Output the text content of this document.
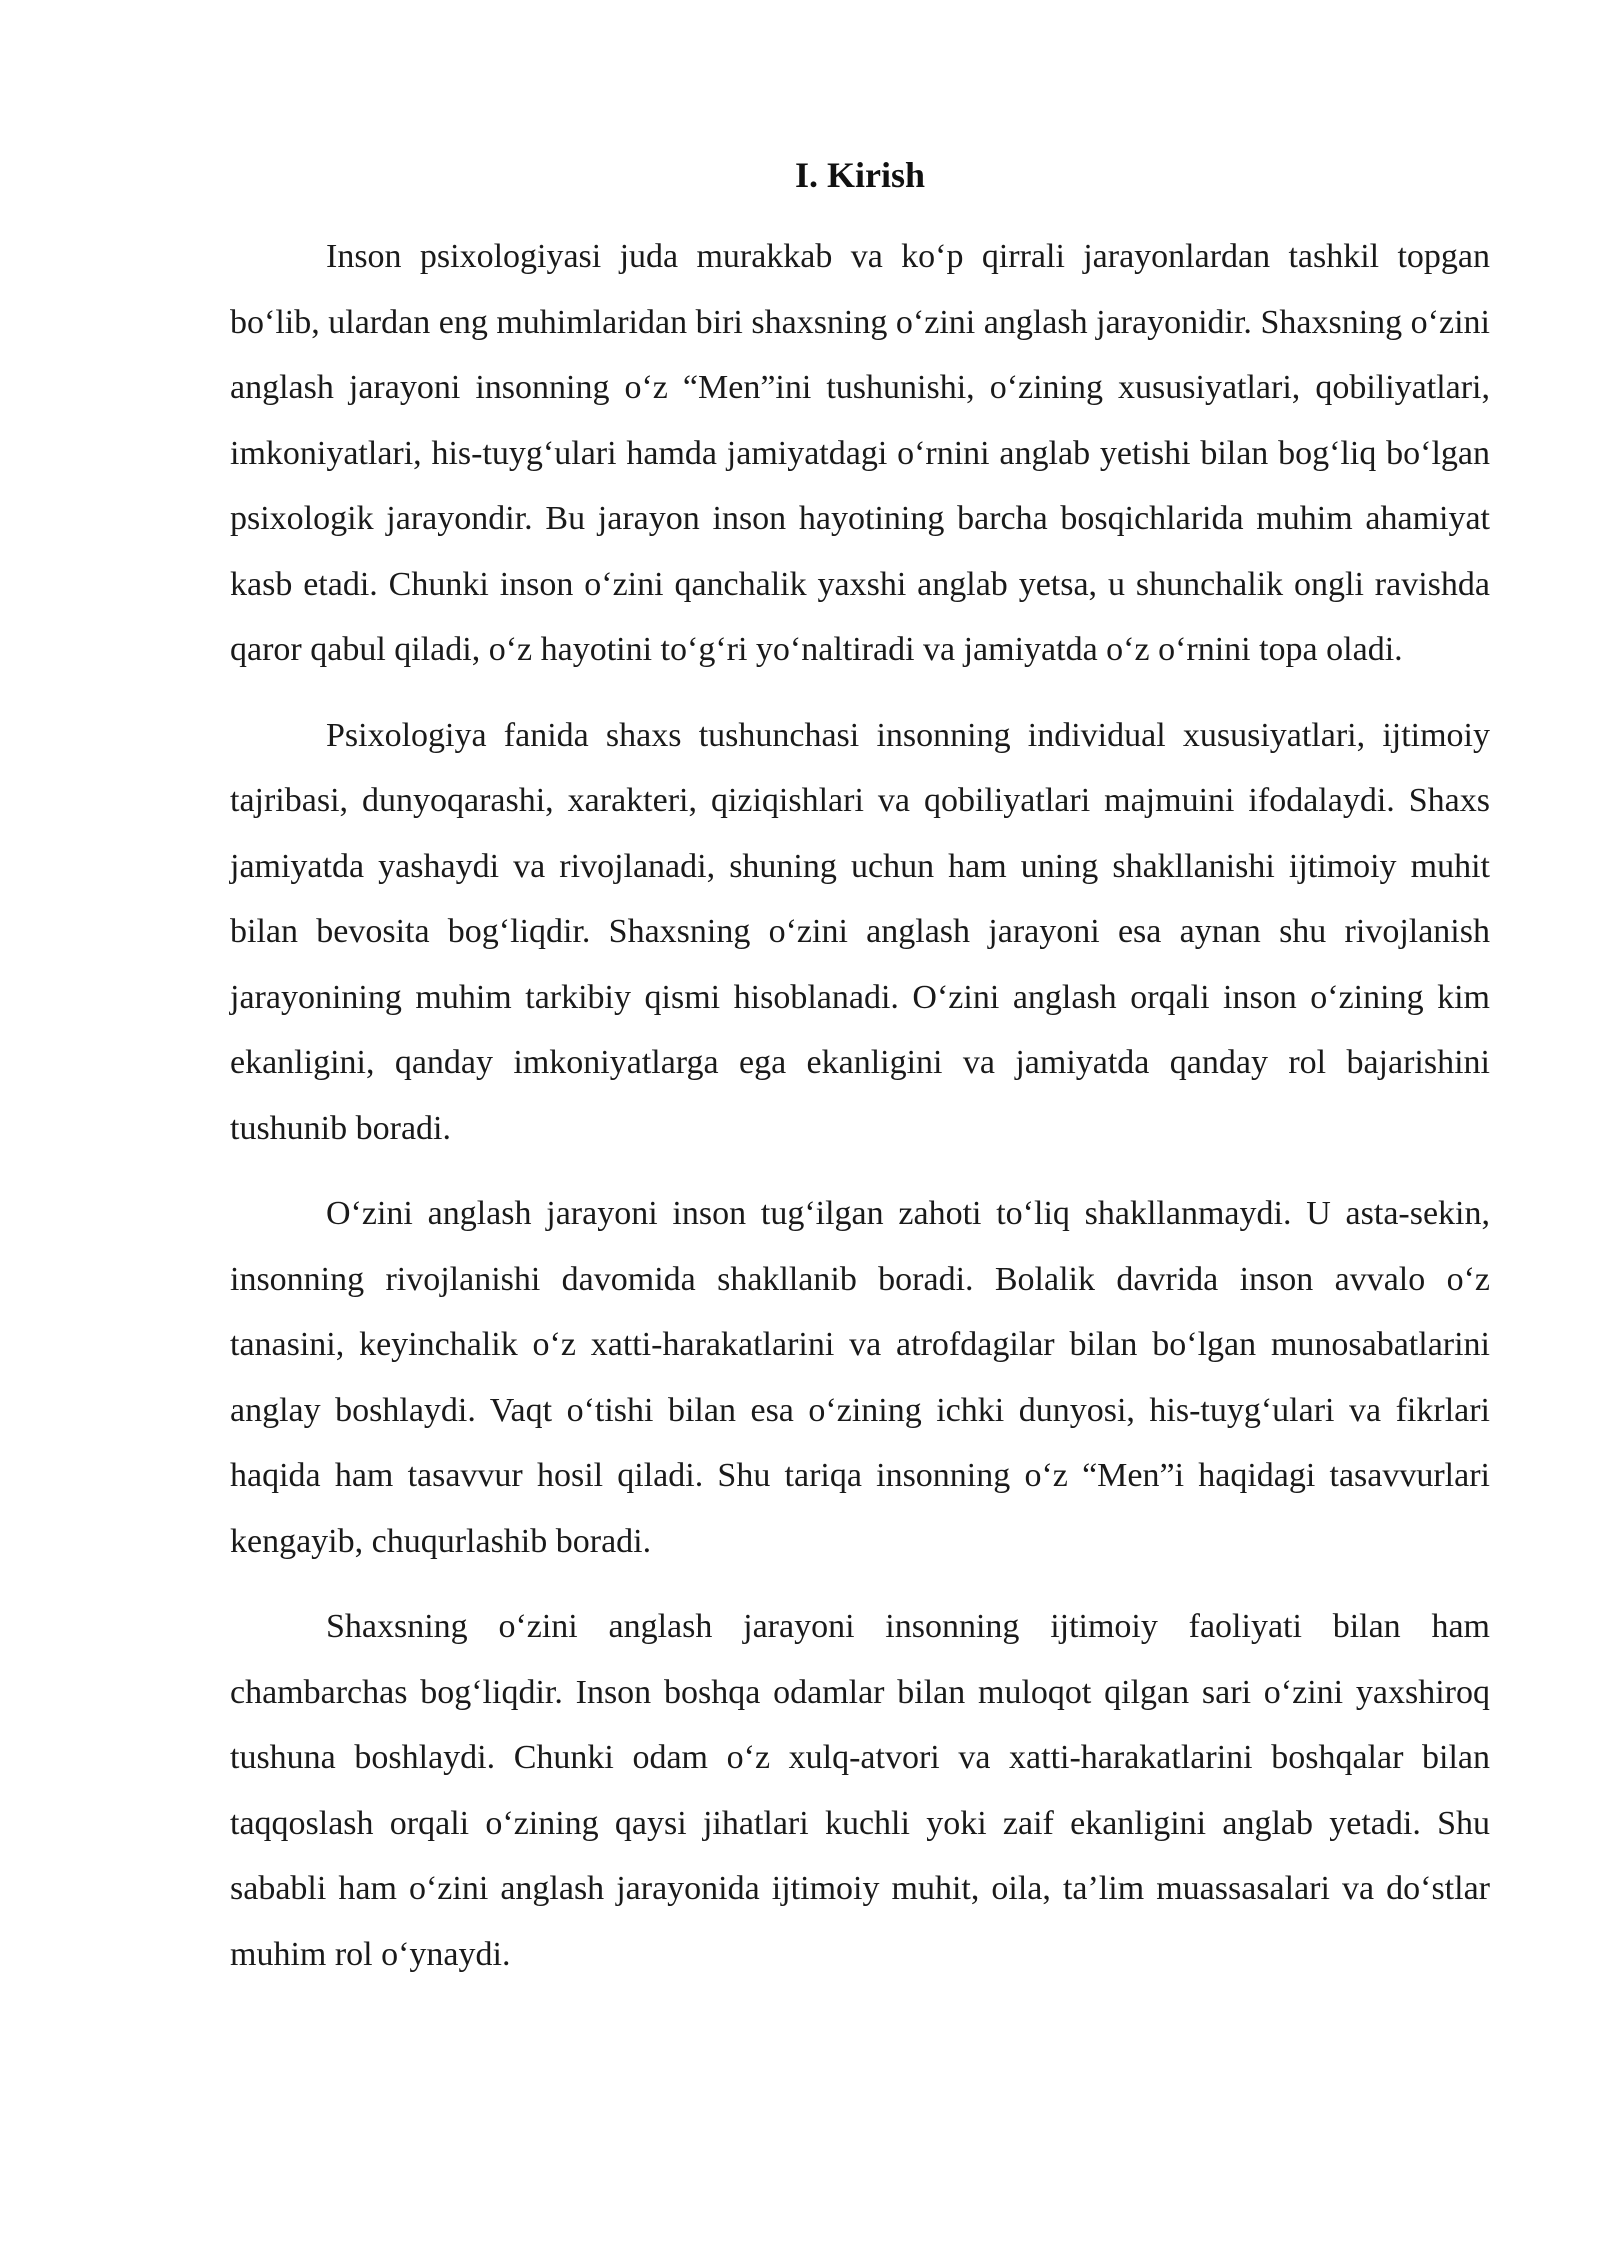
I. Kirish

Inson psixologiyasi juda murakkab va ko‘p qirrali jarayonlardan tashkil topgan bo‘lib, ulardan eng muhimlaridan biri shaxsning o‘zini anglash jarayonidir. Shaxsning o‘zini anglash jarayoni insonning o‘z “Men”ini tushunishi, o‘zining xususiyatlari, qobiliyatlari, imkoniyatlari, his-tuyg‘ulari hamda jamiyatdagi o‘rnini anglab yetishi bilan bog‘liq bo‘lgan psixologik jarayondir. Bu jarayon inson hayotining barcha bosqichlarida muhim ahamiyat kasb etadi. Chunki inson o‘zini qanchalik yaxshi anglab yetsa, u shunchalik ongli ravishda qaror qabul qiladi, o‘z hayotini to‘g‘ri yo‘naltiradi va jamiyatda o‘z o‘rnini topa oladi.

Psixologiya fanida shaxs tushunchasi insonning individual xususiyatlari, ijtimoiy tajribasi, dunyoqarashi, xarakteri, qiziqishlari va qobiliyatlari majmuini ifodalaydi. Shaxs jamiyatda yashaydi va rivojlanadi, shuning uchun ham uning shakllanishi ijtimoiy muhit bilan bevosita bog‘liqdir. Shaxsning o‘zini anglash jarayoni esa aynan shu rivojlanish jarayonining muhim tarkibiy qismi hisoblanadi. O‘zini anglash orqali inson o‘zining kim ekanligini, qanday imkoniyatlarga ega ekanligini va jamiyatda qanday rol bajarishini tushunib boradi.

O‘zini anglash jarayoni inson tug‘ilgan zahoti to‘liq shakllanmaydi. U asta-sekin, insonning rivojlanishi davomida shakllanib boradi. Bolalik davrida inson avvalo o‘z tanasini, keyinchalik o‘z xatti-harakatlarini va atrofdagilar bilan bo‘lgan munosabatlarini anglay boshlaydi. Vaqt o‘tishi bilan esa o‘zining ichki dunyosi, his-tuyg‘ulari va fikrlari haqida ham tasavvur hosil qiladi. Shu tariqa insonning o‘z “Men”i haqidagi tasavvurlari kengayib, chuqurlashib boradi.

Shaxsning o‘zini anglash jarayoni insonning ijtimoiy faoliyati bilan ham chambarchas bog‘liqdir. Inson boshqa odamlar bilan muloqot qilgan sari o‘zini yaxshiroq tushuna boshlaydi. Chunki odam o‘z xulq-atvori va xatti-harakatlarini boshqalar bilan taqqoslash orqali o‘zining qaysi jihatlari kuchli yoki zaif ekanligini anglab yetadi. Shu sababli ham o‘zini anglash jarayonida ijtimoiy muhit, oila, ta’lim muassasalari va do‘stlar muhim rol o‘ynaydi.
